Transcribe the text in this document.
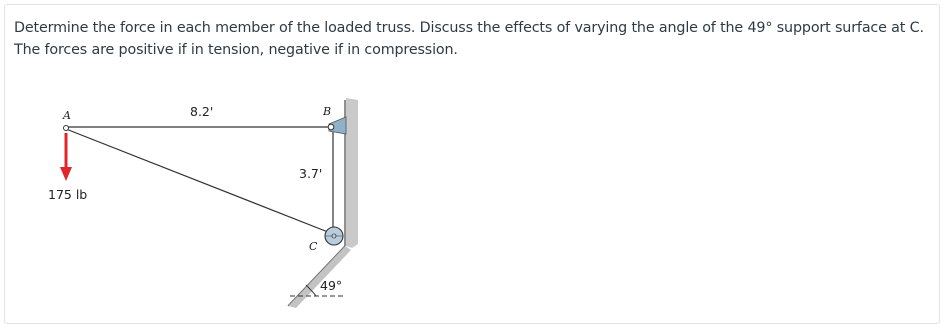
Determine the force in each member of the loaded truss. Discuss the effects of varying the angle of the 49° support surface at C. The forces are positive if in tension, negative if in compression.

A	B
C
8.2'
3.7'
175 lb
49°
